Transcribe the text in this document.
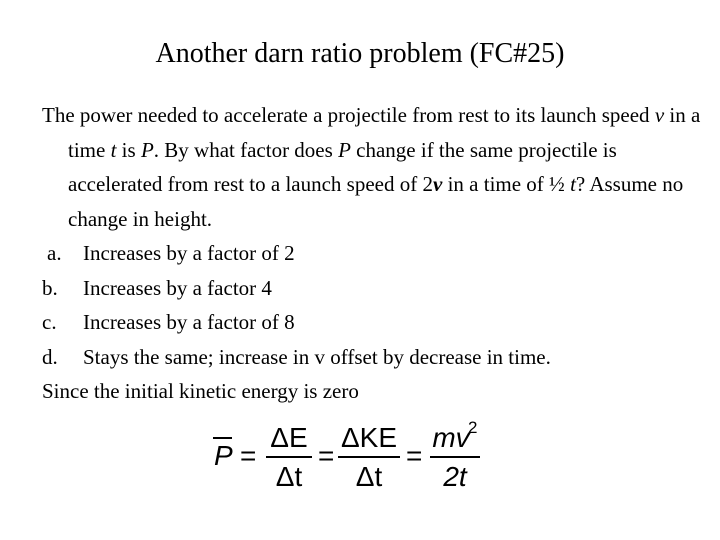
Another darn ratio problem (FC#25)

The power needed to accelerate a projectile from rest to its launch speed v in a time t is P. By what factor does P change if the same projectile is accelerated from rest to a launch speed of 2v in a time of ½ t? Assume no change in height.

a. Increases by a factor of 2
b. Increases by a factor 4
c. Increases by a factor of 8
d. Stays the same; increase in v offset by decrease in time.

Since the initial kinetic energy is zero

P =
ΔE
Δt
=
ΔKE
Δt
=
mv
2
2t
